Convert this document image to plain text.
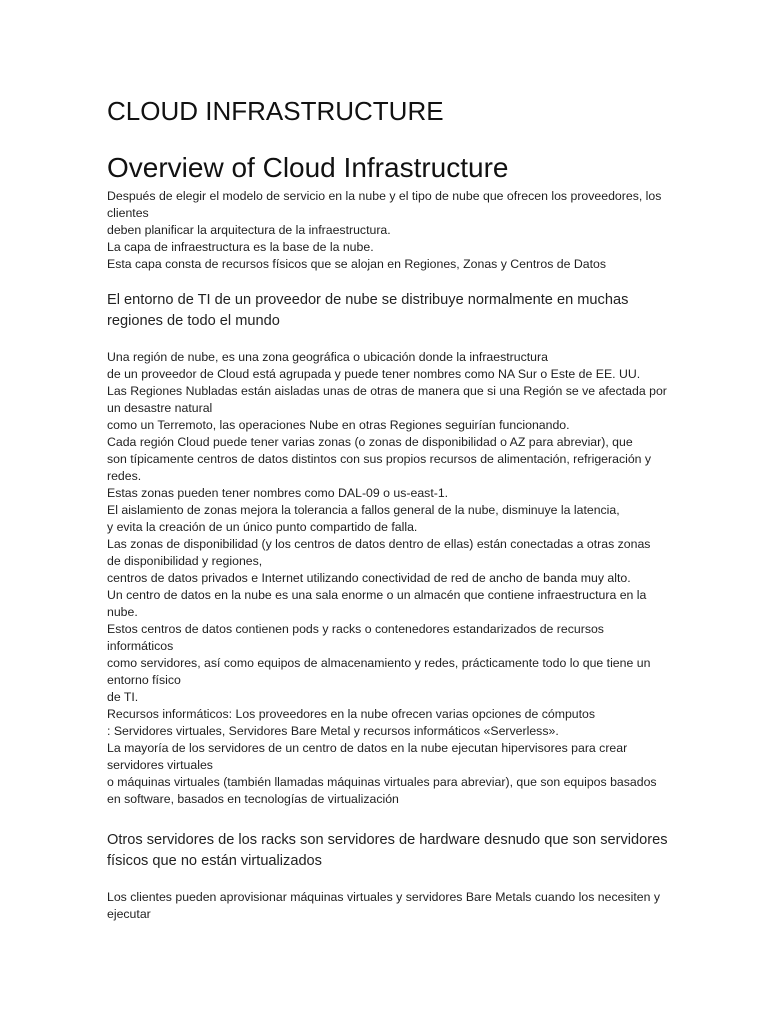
CLOUD INFRASTRUCTURE
Overview of Cloud Infrastructure
Después de elegir el modelo de servicio en la nube y el tipo de nube que ofrecen los proveedores, los
clientes
deben planificar la arquitectura de la infraestructura.
La capa de infraestructura es la base de la nube.
Esta capa consta de recursos físicos que se alojan en Regiones, Zonas y Centros de Datos
El entorno de TI de un proveedor de nube se distribuye normalmente en muchas
regiones de todo el mundo
Una región de nube, es una zona geográfica o ubicación donde la infraestructura
de un proveedor de Cloud está agrupada y puede tener nombres como NA Sur o Este de EE. UU.
Las Regiones Nubladas están aisladas unas de otras de manera que si una Región se ve afectada por
un desastre natural
como un Terremoto, las operaciones Nube en otras Regiones seguirían funcionando.
Cada región Cloud puede tener varias zonas (o zonas de disponibilidad o AZ para abreviar), que
son típicamente centros de datos distintos con sus propios recursos de alimentación, refrigeración y
redes.
Estas zonas pueden tener nombres como DAL-09 o us-east-1.
El aislamiento de zonas mejora la tolerancia a fallos general de la nube, disminuye la latencia,
y evita la creación de un único punto compartido de falla.
Las zonas de disponibilidad (y los centros de datos dentro de ellas) están conectadas a otras zonas
de disponibilidad y regiones,
centros de datos privados e Internet utilizando conectividad de red de ancho de banda muy alto.
Un centro de datos en la nube es una sala enorme o un almacén que contiene infraestructura en la
nube.
Estos centros de datos contienen pods y racks o contenedores estandarizados de recursos
informáticos
como servidores, así como equipos de almacenamiento y redes, prácticamente todo lo que tiene un
entorno físico
de TI.
Recursos informáticos: Los proveedores en la nube ofrecen varias opciones de cómputos
: Servidores virtuales, Servidores Bare Metal y recursos informáticos «Serverless».
La mayoría de los servidores de un centro de datos en la nube ejecutan hipervisores para crear
servidores virtuales
o máquinas virtuales (también llamadas máquinas virtuales para abreviar), que son equipos basados
en software, basados en tecnologías de virtualización
Otros servidores de los racks son servidores de hardware desnudo que son servidores
físicos que no están virtualizados
Los clientes pueden aprovisionar máquinas virtuales y servidores Bare Metals cuando los necesiten y
ejecutar
